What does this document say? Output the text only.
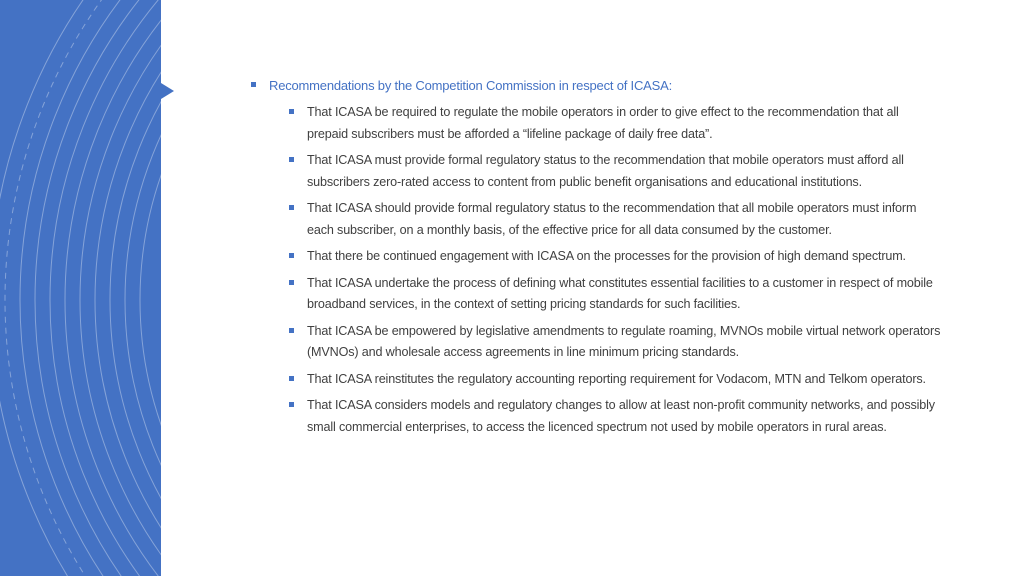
Recommendations by the Competition Commission in respect of ICASA:
That ICASA be required to regulate the mobile operators in order to give effect to the recommendation that all prepaid subscribers must be afforded a “lifeline package of daily free data”.
That ICASA must provide formal regulatory status to the recommendation that mobile operators must afford all subscribers zero-rated access to content from public benefit organisations and educational institutions.
That ICASA should provide formal regulatory status to the recommendation that all mobile operators must inform each subscriber, on a monthly basis, of the effective price for all data consumed by the customer.
That there be continued engagement with ICASA on the processes for the provision of high demand spectrum.
That ICASA undertake the process of defining what constitutes essential facilities to a customer in respect of mobile broadband services, in the context of setting pricing standards for such facilities.
That ICASA be empowered by legislative amendments to regulate roaming, MVNOs mobile virtual network operators (MVNOs) and wholesale access agreements in line minimum pricing standards.
That ICASA reinstitutes the regulatory accounting reporting requirement for Vodacom, MTN and Telkom operators.
That ICASA considers models and regulatory changes to allow at least non-profit community networks, and possibly small commercial enterprises, to access the licenced spectrum not used by mobile operators in rural areas.
